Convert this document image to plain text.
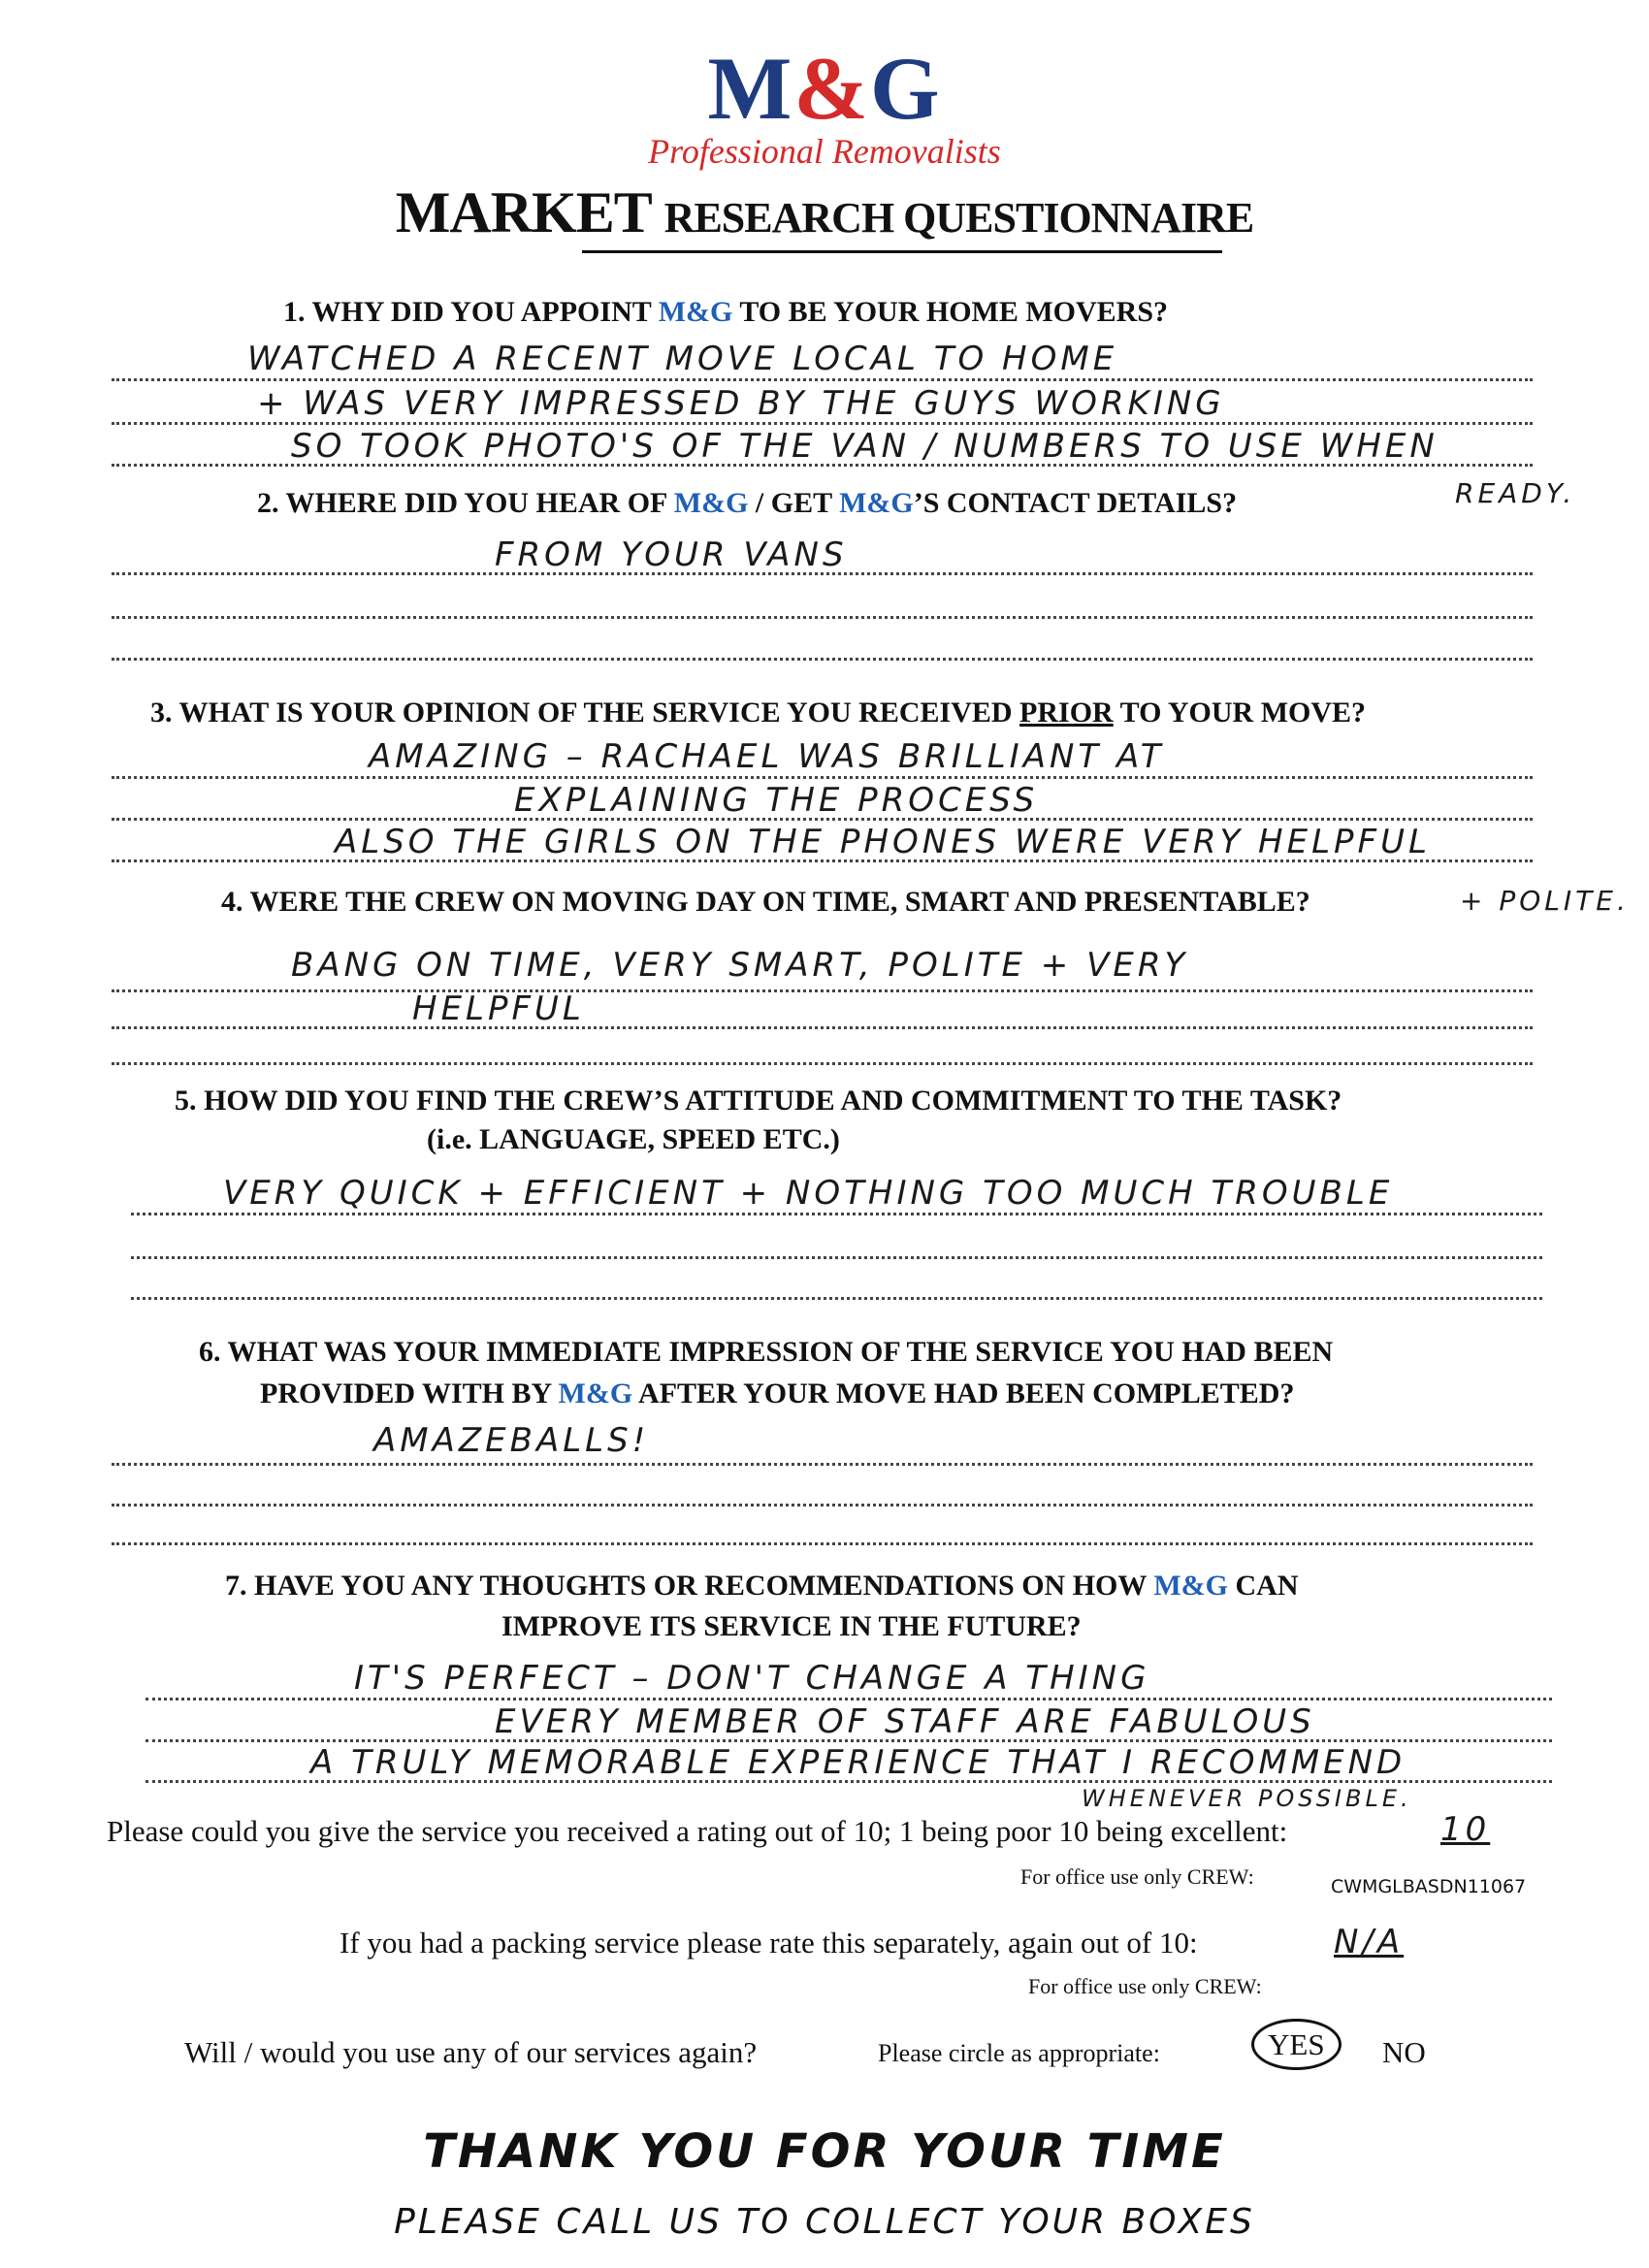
M&G
Professional Removalists
MARKET RESEARCH QUESTIONNAIRE
1. WHY DID YOU APPOINT M&G TO BE YOUR HOME MOVERS?
WATCHED A RECENT MOVE LOCAL TO HOME
+ WAS VERY IMPRESSED BY THE GUYS WORKING
SO TOOK PHOTO'S OF THE VAN / NUMBERS TO USE WHEN
READY.
2. WHERE DID YOU HEAR OF M&G / GET M&G’S CONTACT DETAILS?
FROM YOUR VANS
3. WHAT IS YOUR OPINION OF THE SERVICE YOU RECEIVED PRIOR TO YOUR MOVE?
AMAZING – RACHAEL WAS BRILLIANT AT
EXPLAINING THE PROCESS
ALSO THE GIRLS ON THE PHONES WERE VERY HELPFUL
+ POLITE.
4. WERE THE CREW ON MOVING DAY ON TIME, SMART AND PRESENTABLE?
BANG ON TIME, VERY SMART, POLITE + VERY
HELPFUL
5. HOW DID YOU FIND THE CREW’S ATTITUDE AND COMMITMENT TO THE TASK?
(i.e. LANGUAGE, SPEED ETC.)
VERY QUICK + EFFICIENT + NOTHING TOO MUCH TROUBLE
6. WHAT WAS YOUR IMMEDIATE IMPRESSION OF THE SERVICE YOU HAD BEEN
PROVIDED WITH BY M&G AFTER YOUR MOVE HAD BEEN COMPLETED?
AMAZEBALLS!
7. HAVE YOU ANY THOUGHTS OR RECOMMENDATIONS ON HOW M&G CAN
IMPROVE ITS SERVICE IN THE FUTURE?
IT'S PERFECT – DON'T CHANGE A THING
EVERY MEMBER OF STAFF ARE FABULOUS
A TRULY MEMORABLE EXPERIENCE THAT I RECOMMEND
WHENEVER POSSIBLE.
Please could you give the service you received a rating out of 10; 1 being poor 10 being excellent:	10
For office use only CREW:	CWMGLBASDN11067
If you had a packing service please rate this separately, again out of 10:	N/A
For office use only CREW:
Will / would you use any of our services again?	Please circle as appropriate:	YES	NO
THANK YOU FOR YOUR TIME
PLEASE CALL US TO COLLECT YOUR BOXES
